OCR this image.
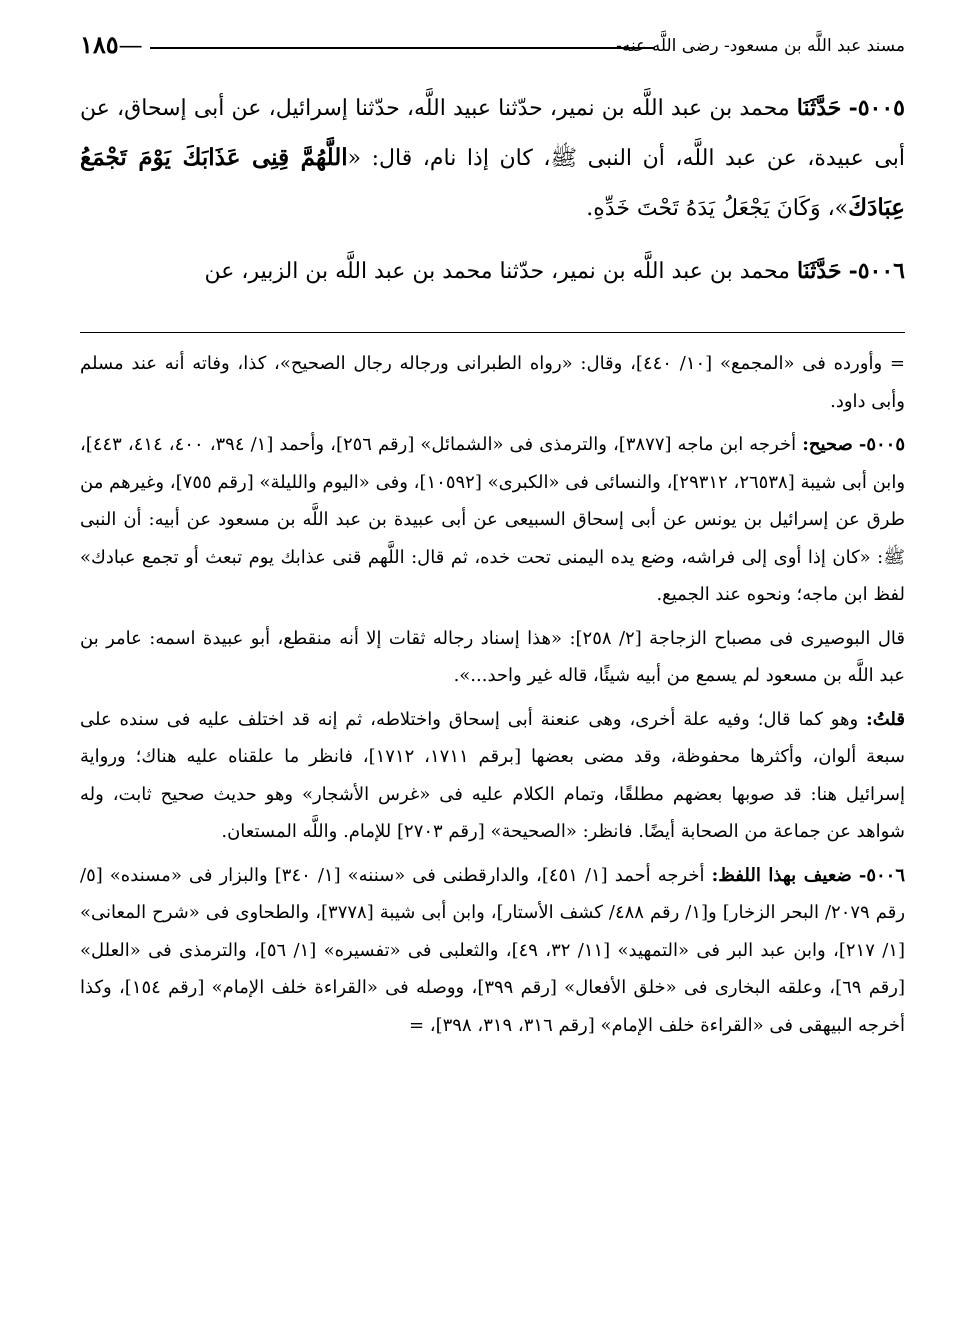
مسند عبد اللَّه بن مسعود- رضى اللَّه عنه-
١٨٥—

٥٠٠٥- حَدَّثَنَا محمد بن عبد اللَّه بن نمير، حدّثنا عبيد اللَّه، حدّثنا إسرائيل، عن أبى إسحاق، عن أبى عبيدة، عن عبد اللَّه، أن النبى ﷺ، كان إذا نام، قال: «اللَّهُمَّ قِنِى عَذَابَكَ يَوْمَ تَجْمَعُ عِبَادَكَ»، وَكَانَ يَجْعَلُ يَدَهُ تَحْتَ خَدِّهِ.

٥٠٠٦- حَدَّثَنَا محمد بن عبد اللَّه بن نمير، حدّثنا محمد بن عبد اللَّه بن الزبير، عن

= وأورده فى «المجمع» [١٠/ ٤٤٠]، وقال: «رواه الطبرانى ورجاله رجال الصحيح»، كذا، وفاته أنه عند مسلم وأبى داود.

٥٠٠٥- صحيح: أخرجه ابن ماجه [٣٨٧٧]، والترمذى فى «الشمائل» [رقم ٢٥٦]، وأحمد [١/ ٣٩٤، ٤٠٠، ٤١٤، ٤٤٣]، وابن أبى شيبة [٢٦٥٣٨، ٢٩٣١٢]، والنسائى فى «الكبرى» [١٠٥٩٢]، وفى «اليوم والليلة» [رقم ٧٥٥]، وغيرهم من طرق عن إسرائيل بن يونس عن أبى إسحاق السبيعى عن أبى عبيدة بن عبد اللَّه بن مسعود عن أبيه: أن النبى ﷺ: «كان إذا أوى إلى فراشه، وضع يده اليمنى تحت خده، ثم قال: اللَّهم قنى عذابك يوم تبعث أو تجمع عبادك» لفظ ابن ماجه؛ ونحوه عند الجميع.

قال البوصيرى فى مصباح الزجاجة [٢/ ٢٥٨]: «هذا إسناد رجاله ثقات إلا أنه منقطع، أبو عبيدة اسمه: عامر بن عبد اللَّه بن مسعود لم يسمع من أبيه شيئًا، قاله غير واحد...».

قلتُ: وهو كما قال؛ وفيه علة أخرى، وهى عنعنة أبى إسحاق واختلاطه، ثم إنه قد اختلف عليه فى سنده على سبعة ألوان، وأكثرها محفوظة، وقد مضى بعضها [برقم ١٧١١، ١٧١٢]، فانظر ما علقناه عليه هناك؛ ورواية إسرائيل هنا: قد صوبها بعضهم مطلقًا، وتمام الكلام عليه فى «غرس الأشجار» وهو حديث صحيح ثابت، وله شواهد عن جماعة من الصحابة أيضًا. فانظر: «الصحيحة» [رقم ٢٧٠٣] للإمام. واللَّه المستعان.

٥٠٠٦- ضعيف بهذا اللفظ: أخرجه أحمد [١/ ٤٥١]، والدارقطنى فى «سننه» [١/ ٣٤٠] والبزار فى «مسنده» [٥/ رقم ٢٠٧٩/ البحر الزخار] و[١/ رقم ٤٨٨/ كشف الأستار]، وابن أبى شيبة [٣٧٧٨]، والطحاوى فى «شرح المعانى» [١/ ٢١٧]، وابن عبد البر فى «التمهيد» [١١/ ٣٢، ٤٩]، والثعلبى فى «تفسيره» [١/ ٥٦]، والترمذى فى «العلل» [رقم ٦٩]، وعلقه البخارى فى «خلق الأفعال» [رقم ٣٩٩]، ووصله فى «القراءة خلف الإمام» [رقم ١٥٤]، وكذا أخرجه البيهقى فى «القراءة خلف الإمام» [رقم ٣١٦، ٣١٩، ٣٩٨]، =
